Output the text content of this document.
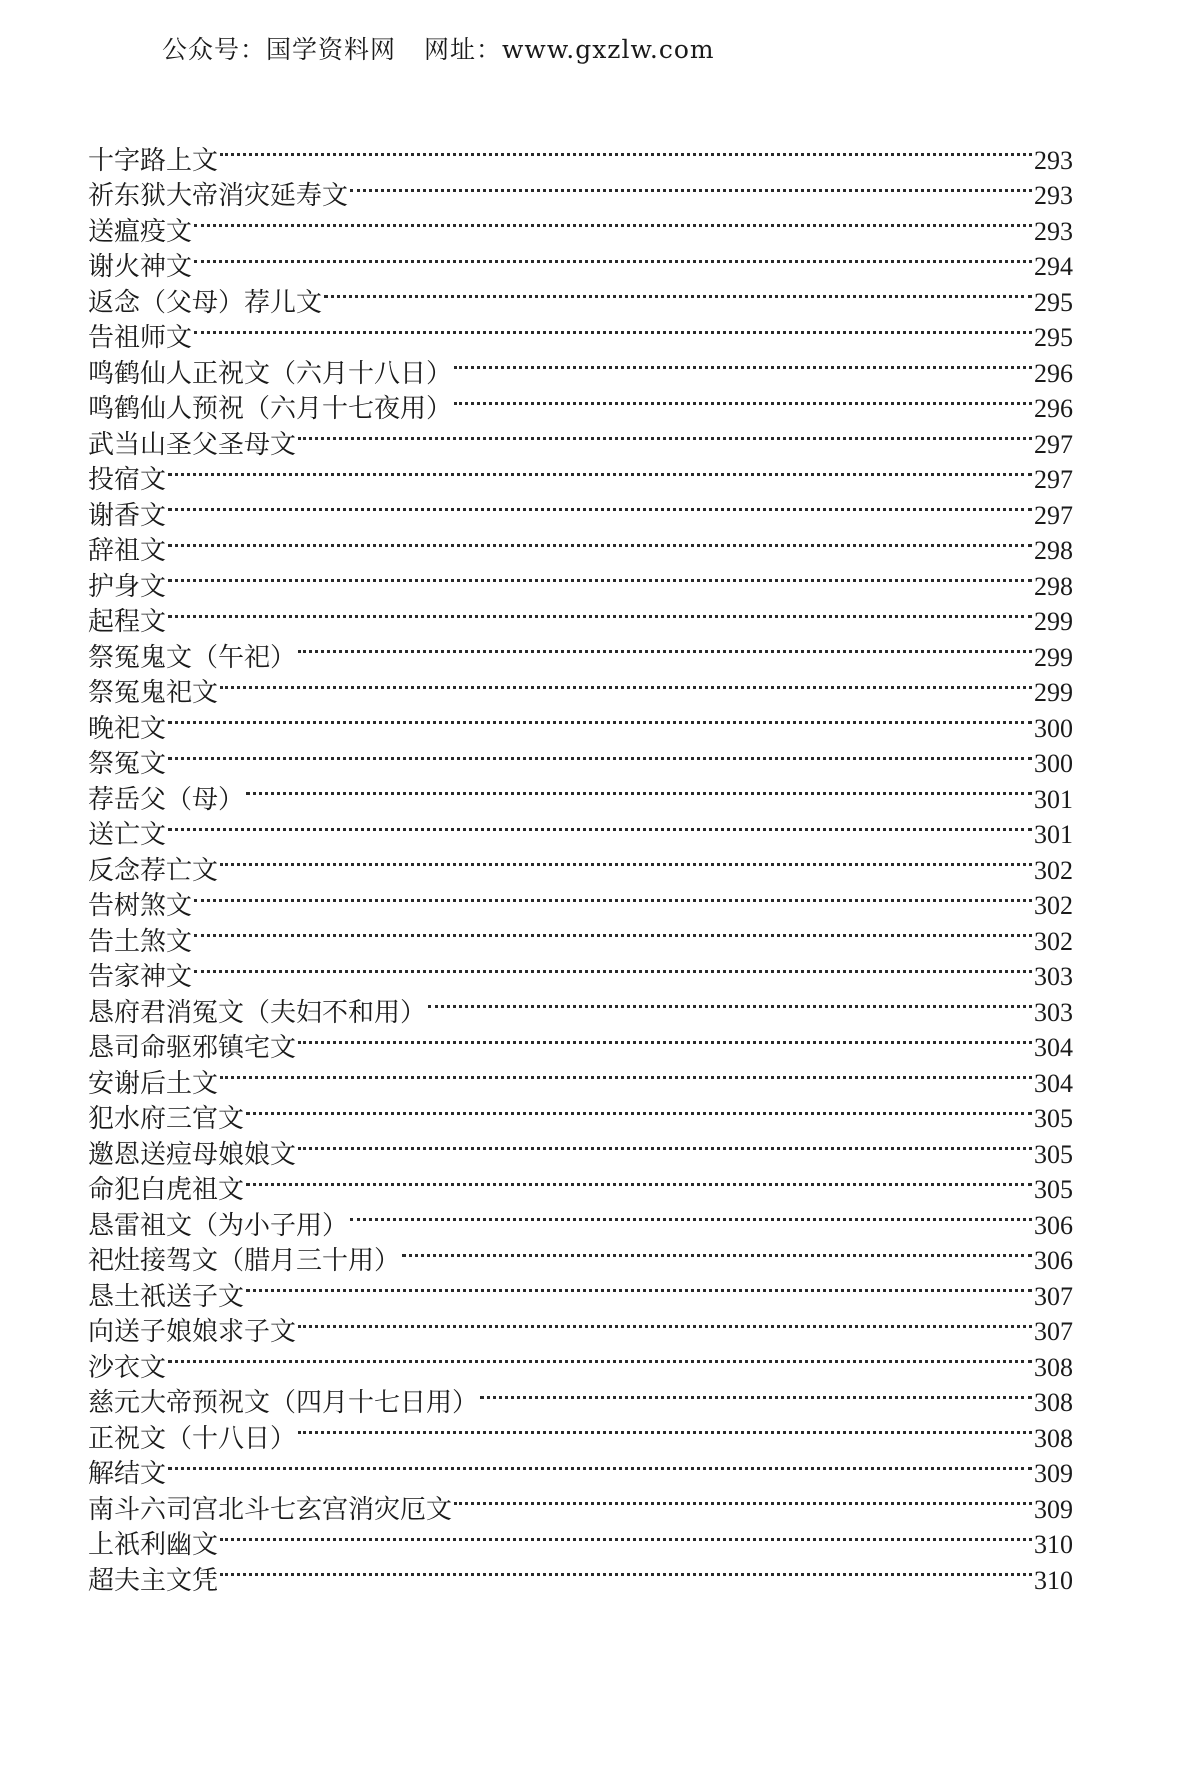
公众号：国学资料网 网址：www.gxzlw.com
十字路上文	293
祈东狱大帝消灾延寿文	293
送瘟疫文	293
谢火神文	294
返念（父母）荐儿文	295
告祖师文	295
鸣鹤仙人正祝文（六月十八日）	296
鸣鹤仙人预祝（六月十七夜用）	296
武当山圣父圣母文	297
投宿文	297
谢香文	297
辞祖文	298
护身文	298
起程文	299
祭冤鬼文（午祀）	299
祭冤鬼祀文	299
晚祀文	300
祭冤文	300
荐岳父（母）	301
送亡文	301
反念荐亡文	302
告树煞文	302
告土煞文	302
告家神文	303
恳府君消冤文（夫妇不和用）	303
恳司命驱邪镇宅文	304
安谢后土文	304
犯水府三官文	305
邀恩送痘母娘娘文	305
命犯白虎祖文	305
恳雷祖文（为小子用）	306
祀灶接驾文（腊月三十用）	306
恳土祇送子文	307
向送子娘娘求子文	307
沙衣文	308
慈元大帝预祝文（四月十七日用）	308
正祝文（十八日）	308
解结文	309
南斗六司宫北斗七玄宫消灾厄文	309
上祇利幽文	310
超夫主文凭	310
